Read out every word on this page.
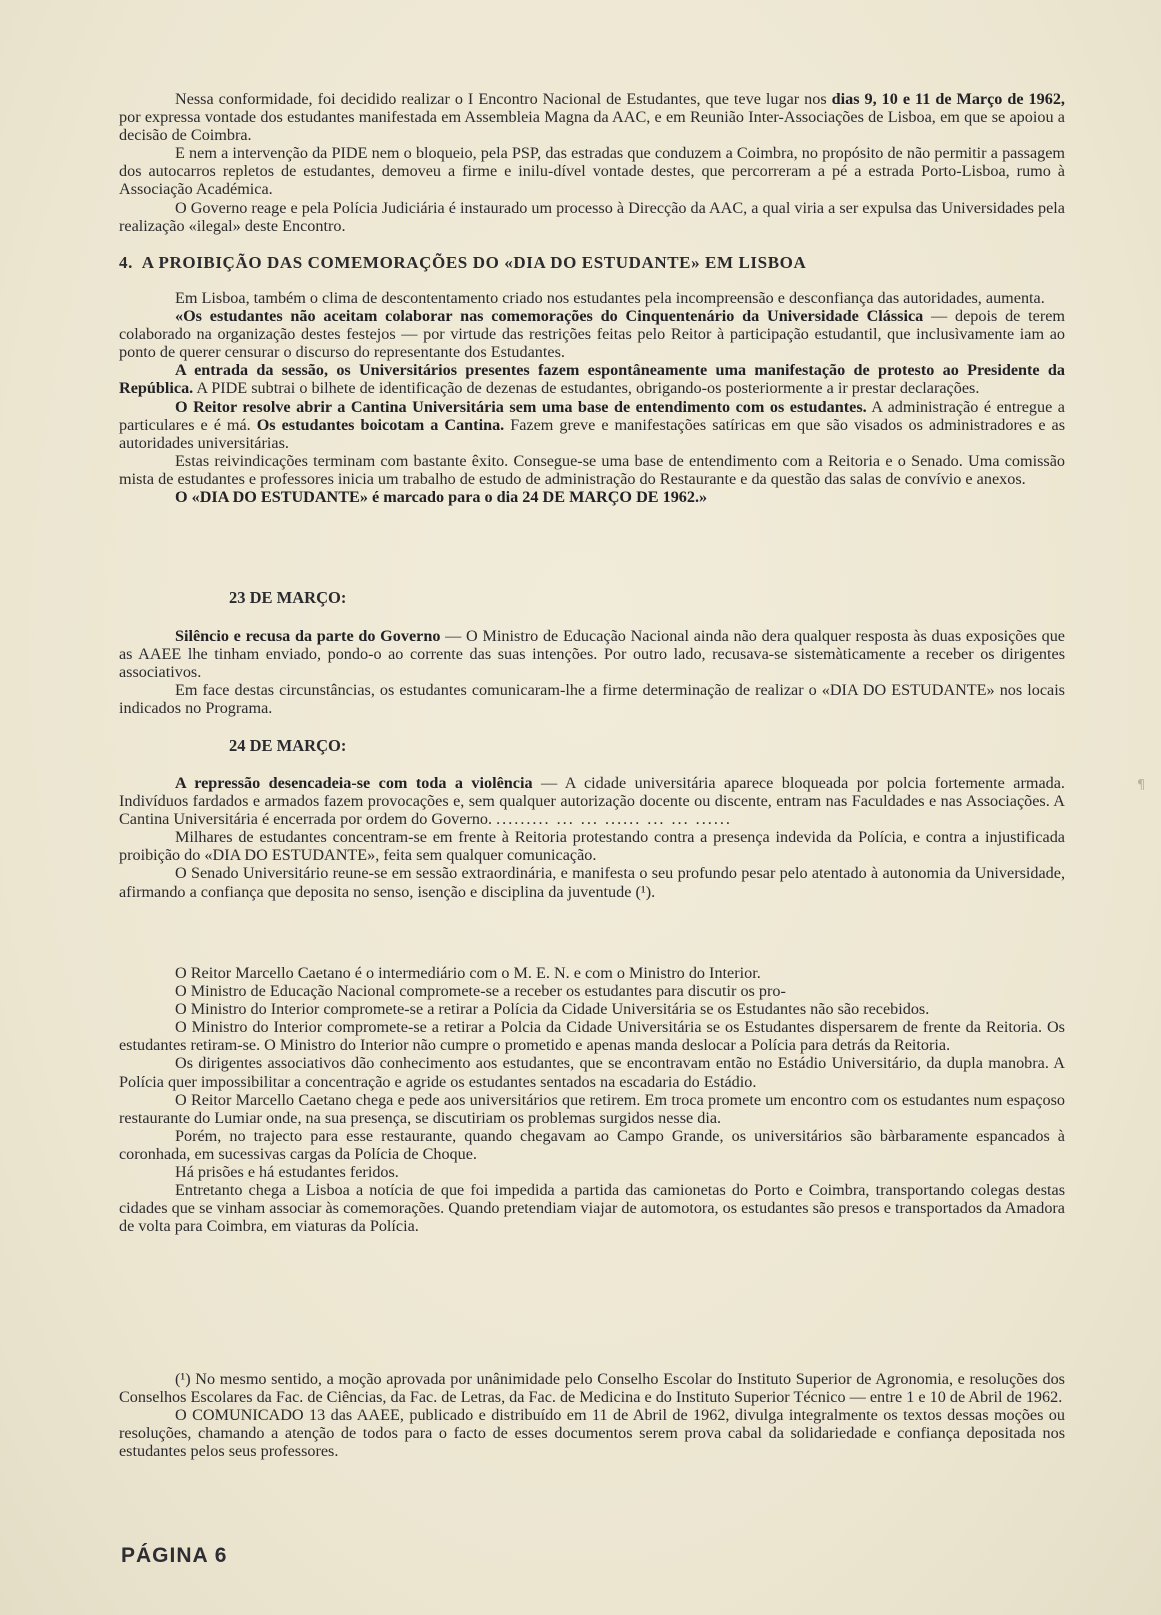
¶

Nessa conformidade, foi decidido realizar o I Encontro Nacional de Estudantes, que teve lugar nos dias 9, 10 e 11 de Março de 1962, por expressa vontade dos estudantes manifestada em Assembleia Magna da AAC, e em Reunião Inter-Associações de Lisboa, em que se apoiou a decisão de Coimbra.

E nem a intervenção da PIDE nem o bloqueio, pela PSP, das estradas que conduzem a Coimbra, no propósito de não permitir a passagem dos autocarros repletos de estudantes, demoveu a firme e inilu-dível vontade destes, que percorreram a pé a estrada Porto-Lisboa, rumo à Associação Académica.

O Governo reage e pela Polícia Judiciária é instaurado um processo à Direcção da AAC, a qual viria a ser expulsa das Universidades pela realização «ilegal» deste Encontro.

4. A PROIBIÇÃO DAS COMEMORAÇÕES DO «DIA DO ESTUDANTE» EM LISBOA

Em Lisboa, também o clima de descontentamento criado nos estudantes pela incompreensão e desconfiança das autoridades, aumenta.

«Os estudantes não aceitam colaborar nas comemorações do Cinquentenário da Universidade Clássica — depois de terem colaborado na organização destes festejos — por virtude das restrições feitas pelo Reitor à participação estudantil, que inclusìvamente iam ao ponto de querer censurar o discurso do representante dos Estudantes.

A entrada da sessão, os Universitários presentes fazem espontâneamente uma manifestação de protesto ao Presidente da República. A PIDE subtrai o bilhete de identificação de dezenas de estudantes, obrigando-os posteriormente a ir prestar declarações.

O Reitor resolve abrir a Cantina Universitária sem uma base de entendimento com os estudantes. A administração é entregue a particulares e é má. Os estudantes boicotam a Cantina. Fazem greve e manifestações satíricas em que são visados os administradores e as autoridades universitárias.

Estas reivindicações terminam com bastante êxito. Consegue-se uma base de entendimento com a Reitoria e o Senado. Uma comissão mista de estudantes e professores inicia um trabalho de estudo de administração do Restaurante e da questão das salas de convívio e anexos.

O «DIA DO ESTUDANTE» é marcado para o dia 24 DE MARÇO DE 1962.»

23 DE MARÇO:

Silêncio e recusa da parte do Governo — O Ministro de Educação Nacional ainda não dera qualquer resposta às duas exposições que as AAEE lhe tinham enviado, pondo-o ao corrente das suas intenções. Por outro lado, recusava-se sistemàticamente a receber os dirigentes associativos.

Em face destas circunstâncias, os estudantes comunicaram-lhe a firme determinação de realizar o «DIA DO ESTUDANTE» nos locais indicados no Programa.

24 DE MARÇO:

A repressão desencadeia-se com toda a violência — A cidade universitária aparece bloqueada por polcia fortemente armada. Indivíduos fardados e armados fazem provocações e, sem qualquer autorização docente ou discente, entram nas Faculdades e nas Associações. A Cantina Universitária é encerrada por ordem do Governo. ......... ... ... ...... ... ... ......

Milhares de estudantes concentram-se em frente à Reitoria protestando contra a presença indevida da Polícia, e contra a injustificada proibição do «DIA DO ESTUDANTE», feita sem qualquer comunicação.

O Senado Universitário reune-se em sessão extraordinária, e manifesta o seu profundo pesar pelo atentado à autonomia da Universidade, afirmando a confiança que deposita no senso, isenção e disciplina da juventude (¹).

O Reitor Marcello Caetano é o intermediário com o M. E. N. e com o Ministro do Interior.

O Ministro de Educação Nacional compromete-se a receber os estudantes para discutir os pro-

O Ministro do Interior compromete-se a retirar a Polícia da Cidade Universitária se os Estudantes não são recebidos.

O Ministro do Interior compromete-se a retirar a Polcia da Cidade Universitária se os Estudantes dispersarem de frente da Reitoria. Os estudantes retiram-se. O Ministro do Interior não cumpre o prometido e apenas manda deslocar a Polícia para detrás da Reitoria.

Os dirigentes associativos dão conhecimento aos estudantes, que se encontravam então no Estádio Universitário, da dupla manobra. A Polícia quer impossibilitar a concentração e agride os estudantes sentados na escadaria do Estádio.

O Reitor Marcello Caetano chega e pede aos universitários que retirem. Em troca promete um encontro com os estudantes num espaçoso restaurante do Lumiar onde, na sua presença, se discutiriam os problemas surgidos nesse dia.

Porém, no trajecto para esse restaurante, quando chegavam ao Campo Grande, os universitários são bàrbaramente espancados à coronhada, em sucessivas cargas da Polícia de Choque.

Há prisões e há estudantes feridos.

Entretanto chega a Lisboa a notícia de que foi impedida a partida das camionetas do Porto e Coimbra, transportando colegas destas cidades que se vinham associar às comemorações. Quando pretendiam viajar de automotora, os estudantes são presos e transportados da Amadora de volta para Coimbra, em viaturas da Polícia.

(¹) No mesmo sentido, a moção aprovada por unânimidade pelo Conselho Escolar do Instituto Superior de Agronomia, e resoluções dos Conselhos Escolares da Fac. de Ciências, da Fac. de Letras, da Fac. de Medicina e do Instituto Superior Técnico — entre 1 e 10 de Abril de 1962.

O COMUNICADO 13 das AAEE, publicado e distribuído em 11 de Abril de 1962, divulga integralmente os textos dessas moções ou resoluções, chamando a atenção de todos para o facto de esses documentos serem prova cabal da solidariedade e confiança depositada nos estudantes pelos seus professores.

PÁGINA 6
